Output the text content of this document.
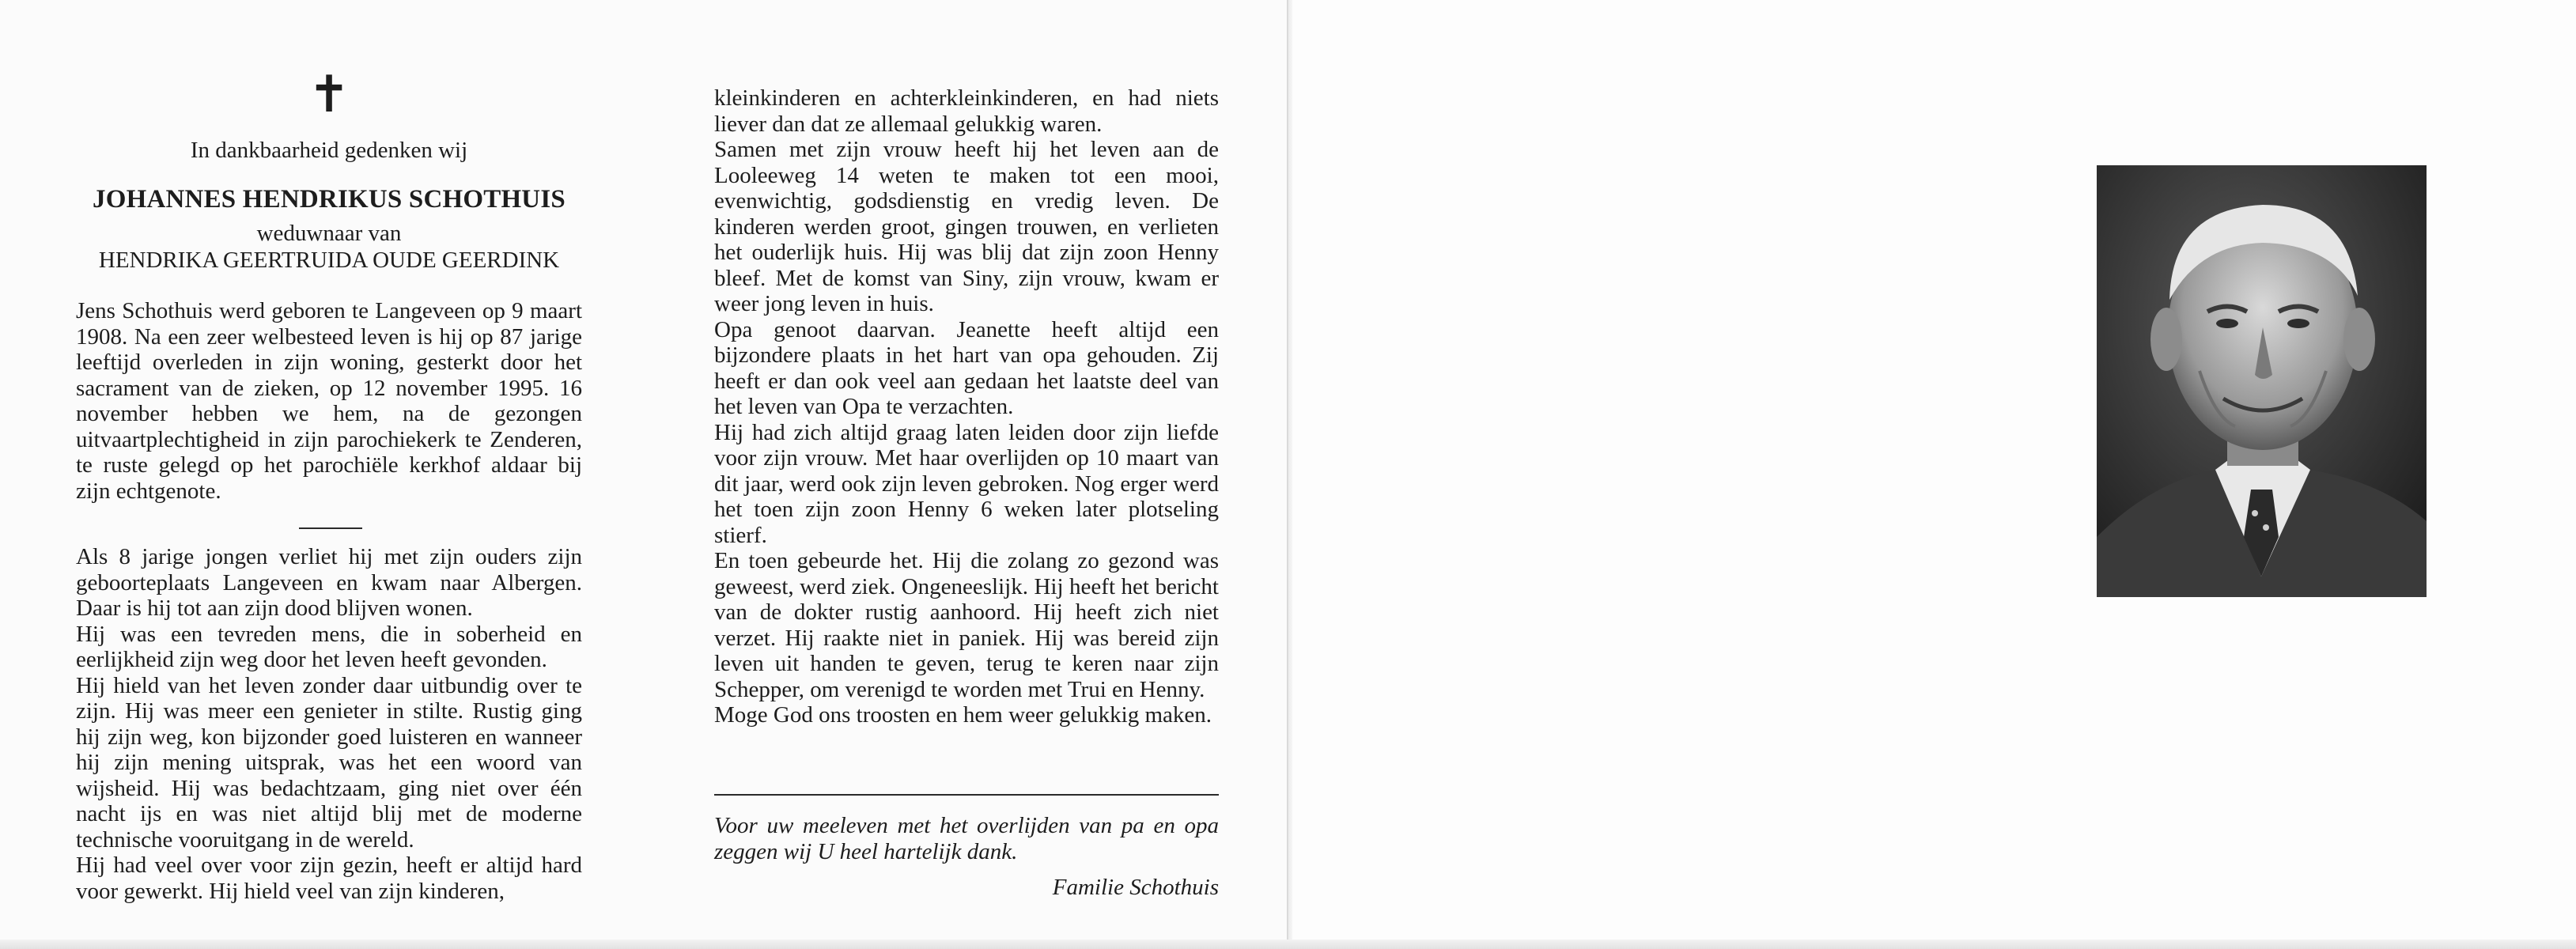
✝
In dankbaarheid gedenken wij
JOHANNES HENDRIKUS SCHOTHUIS
weduwnaar van
HENDRIKA GEERTRUIDA OUDE GEERDINK
Jens Schothuis werd geboren te Langeveen op 9 maart 1908. Na een zeer welbesteed leven is hij op 87 jarige leeftijd overleden in zijn woning, gesterkt door het sacrament van de zieken, op 12 november 1995. 16 november hebben we hem, na de gezongen uitvaartplechtigheid in zijn parochiekerk te Zenderen, te ruste gelegd op het parochiële kerkhof aldaar bij zijn echtgenote.
Als 8 jarige jongen verliet hij met zijn ouders zijn geboorteplaats Langeveen en kwam naar Albergen. Daar is hij tot aan zijn dood blijven wonen.
Hij was een tevreden mens, die in soberheid en eerlijkheid zijn weg door het leven heeft gevonden.
Hij hield van het leven zonder daar uitbundig over te zijn. Hij was meer een genieter in stilte. Rustig ging hij zijn weg, kon bijzonder goed luisteren en wanneer hij zijn mening uitsprak, was het een woord van wijsheid. Hij was bedachtzaam, ging niet over één nacht ijs en was niet altijd blij met de moderne technische vooruitgang in de wereld.
Hij had veel over voor zijn gezin, heeft er altijd hard voor gewerkt. Hij hield veel van zijn kinderen,
kleinkinderen en achterkleinkinderen, en had niets liever dan dat ze allemaal gelukkig waren.
Samen met zijn vrouw heeft hij het leven aan de Looleeweg 14 weten te maken tot een mooi, evenwichtig, godsdienstig en vredig leven. De kinderen werden groot, gingen trouwen, en verlieten het ouderlijk huis. Hij was blij dat zijn zoon Henny bleef. Met de komst van Siny, zijn vrouw, kwam er weer jong leven in huis.
Opa genoot daarvan. Jeanette heeft altijd een bijzondere plaats in het hart van opa gehouden. Zij heeft er dan ook veel aan gedaan het laatste deel van het leven van Opa te verzachten.
Hij had zich altijd graag laten leiden door zijn liefde voor zijn vrouw. Met haar overlijden op 10 maart van dit jaar, werd ook zijn leven gebroken. Nog erger werd het toen zijn zoon Henny 6 weken later plotseling stierf.
En toen gebeurde het. Hij die zolang zo gezond was geweest, werd ziek. Ongeneeslijk. Hij heeft het bericht van de dokter rustig aanhoord. Hij heeft zich niet verzet. Hij raakte niet in paniek. Hij was bereid zijn leven uit handen te geven, terug te keren naar zijn Schepper, om verenigd te worden met Trui en Henny.
Moge God ons troosten en hem weer gelukkig maken.
Voor uw meeleven met het overlijden van pa en opa zeggen wij U heel hartelijk dank.
Familie Schothuis
